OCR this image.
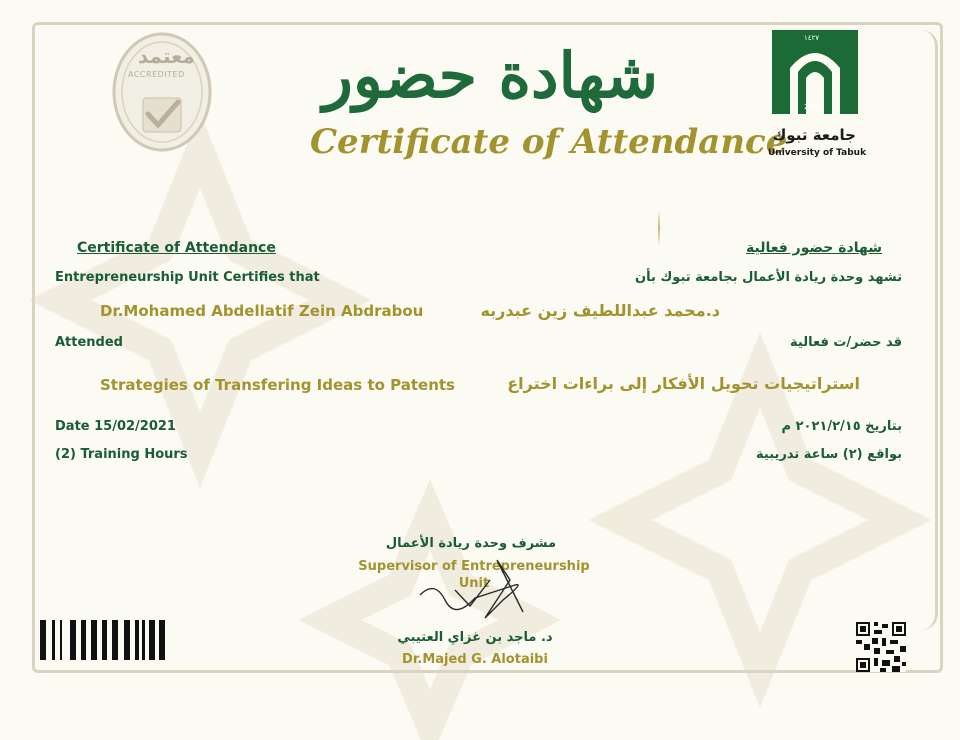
معتمد
ACCREDITED شهادة حضور
Certificate of Attendance
١٤٢٧
2006
جامعة تبوك
University of Tabuk
Certificate of Attendance
Entrepreneurship Unit Certifies that
Dr.Mohamed Abdellatif Zein Abdrabou
Attended
Strategies of Transfering Ideas to Patents
Date 15/02/2021
(2) Training Hours
شهادة حضور فعالية
تشهد وحدة ريادة الأعمال بجامعة تبوك بأن
د.محمد عبداللطيف زين عبدربه
قد حضر/ت فعالية
استراتيجيات تحويل الأفكار إلى براءات اختراع
بتاريخ ٢٠٢١/٢/١٥ م
بواقع (٢) ساعة تدريبية
مشرف وحدة ريادة الأعمال
Supervisor of Entrepreneurship
Unit
د. ماجد بن غزاي العتيبي
Dr.Majed G. Alotaibi
